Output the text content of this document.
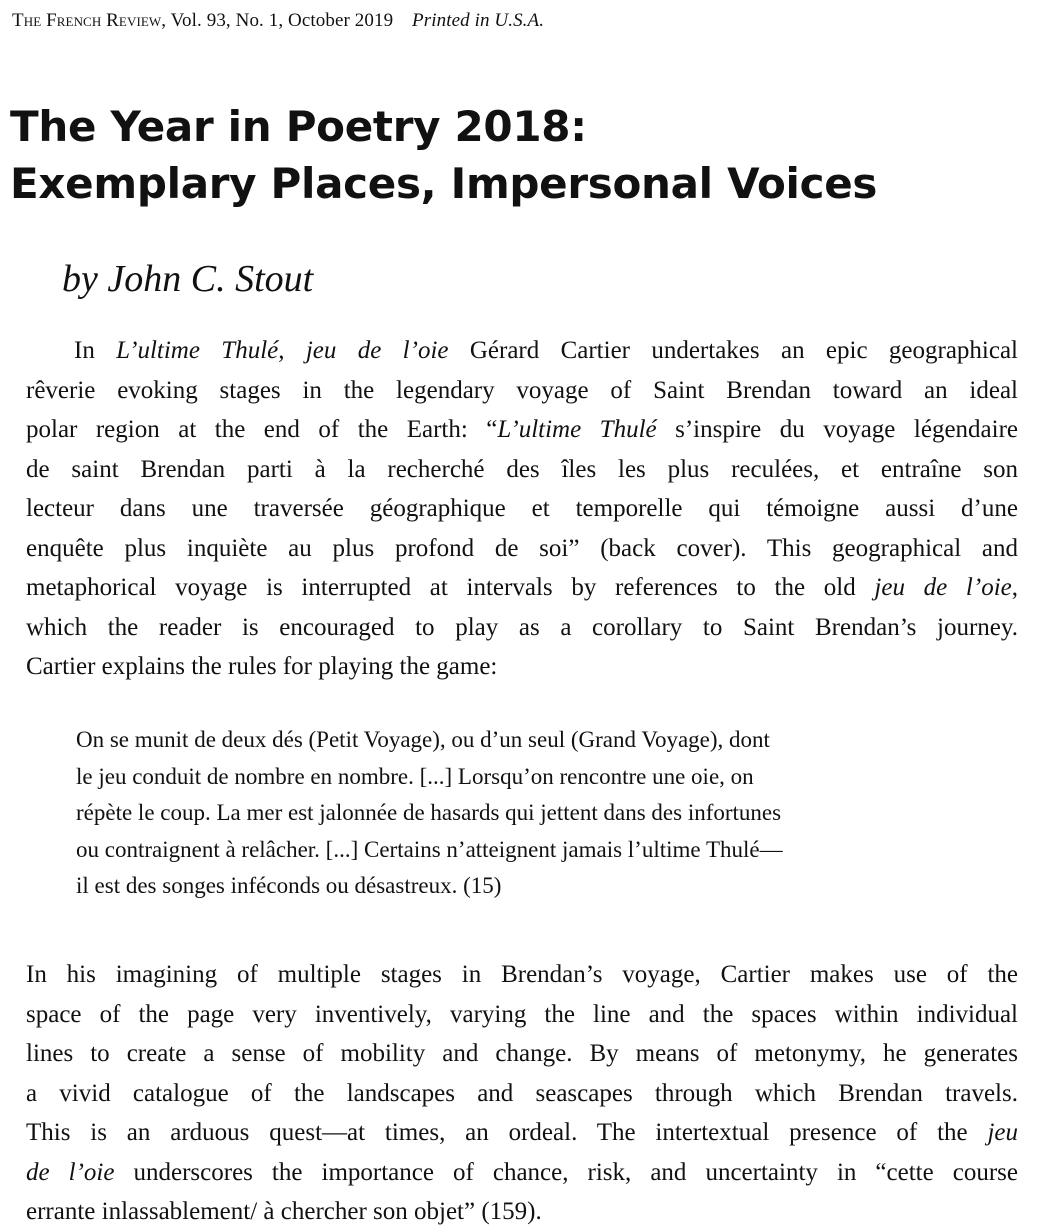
The French Review, Vol. 93, No. 1, October 2019 Printed in U.S.A.
The Year in Poetry 2018:
Exemplary Places, Impersonal Voices
by John C. Stout
In L’ultime Thulé, jeu de l’oie Gérard Cartier undertakes an epic geographical
rêverie evoking stages in the legendary voyage of Saint Brendan toward an ideal
polar region at the end of the Earth: “L’ultime Thulé s’inspire du voyage légendaire
de saint Brendan parti à la recherché des îles les plus reculées, et entraîne son
lecteur dans une traversée géographique et temporelle qui témoigne aussi d’une
enquête plus inquiète au plus profond de soi” (back cover). This geographical and
metaphorical voyage is interrupted at intervals by references to the old jeu de l’oie,
which the reader is encouraged to play as a corollary to Saint Brendan’s journey.
Cartier explains the rules for playing the game:
On se munit de deux dés (Petit Voyage), ou d’un seul (Grand Voyage), dont
le jeu conduit de nombre en nombre. [...] Lorsqu’on rencontre une oie, on
répète le coup. La mer est jalonnée de hasards qui jettent dans des infortunes
ou contraignent à relâcher. [...] Certains n’atteignent jamais l’ultime Thulé—
il est des songes inféconds ou désastreux. (15)
In his imagining of multiple stages in Brendan’s voyage, Cartier makes use of the
space of the page very inventively, varying the line and the spaces within individual
lines to create a sense of mobility and change. By means of metonymy, he generates
a vivid catalogue of the landscapes and seascapes through which Brendan travels.
This is an arduous quest—at times, an ordeal. The intertextual presence of the jeu
de l’oie underscores the importance of chance, risk, and uncertainty in “cette course
errante inlassablement/ à chercher son objet” (159).
